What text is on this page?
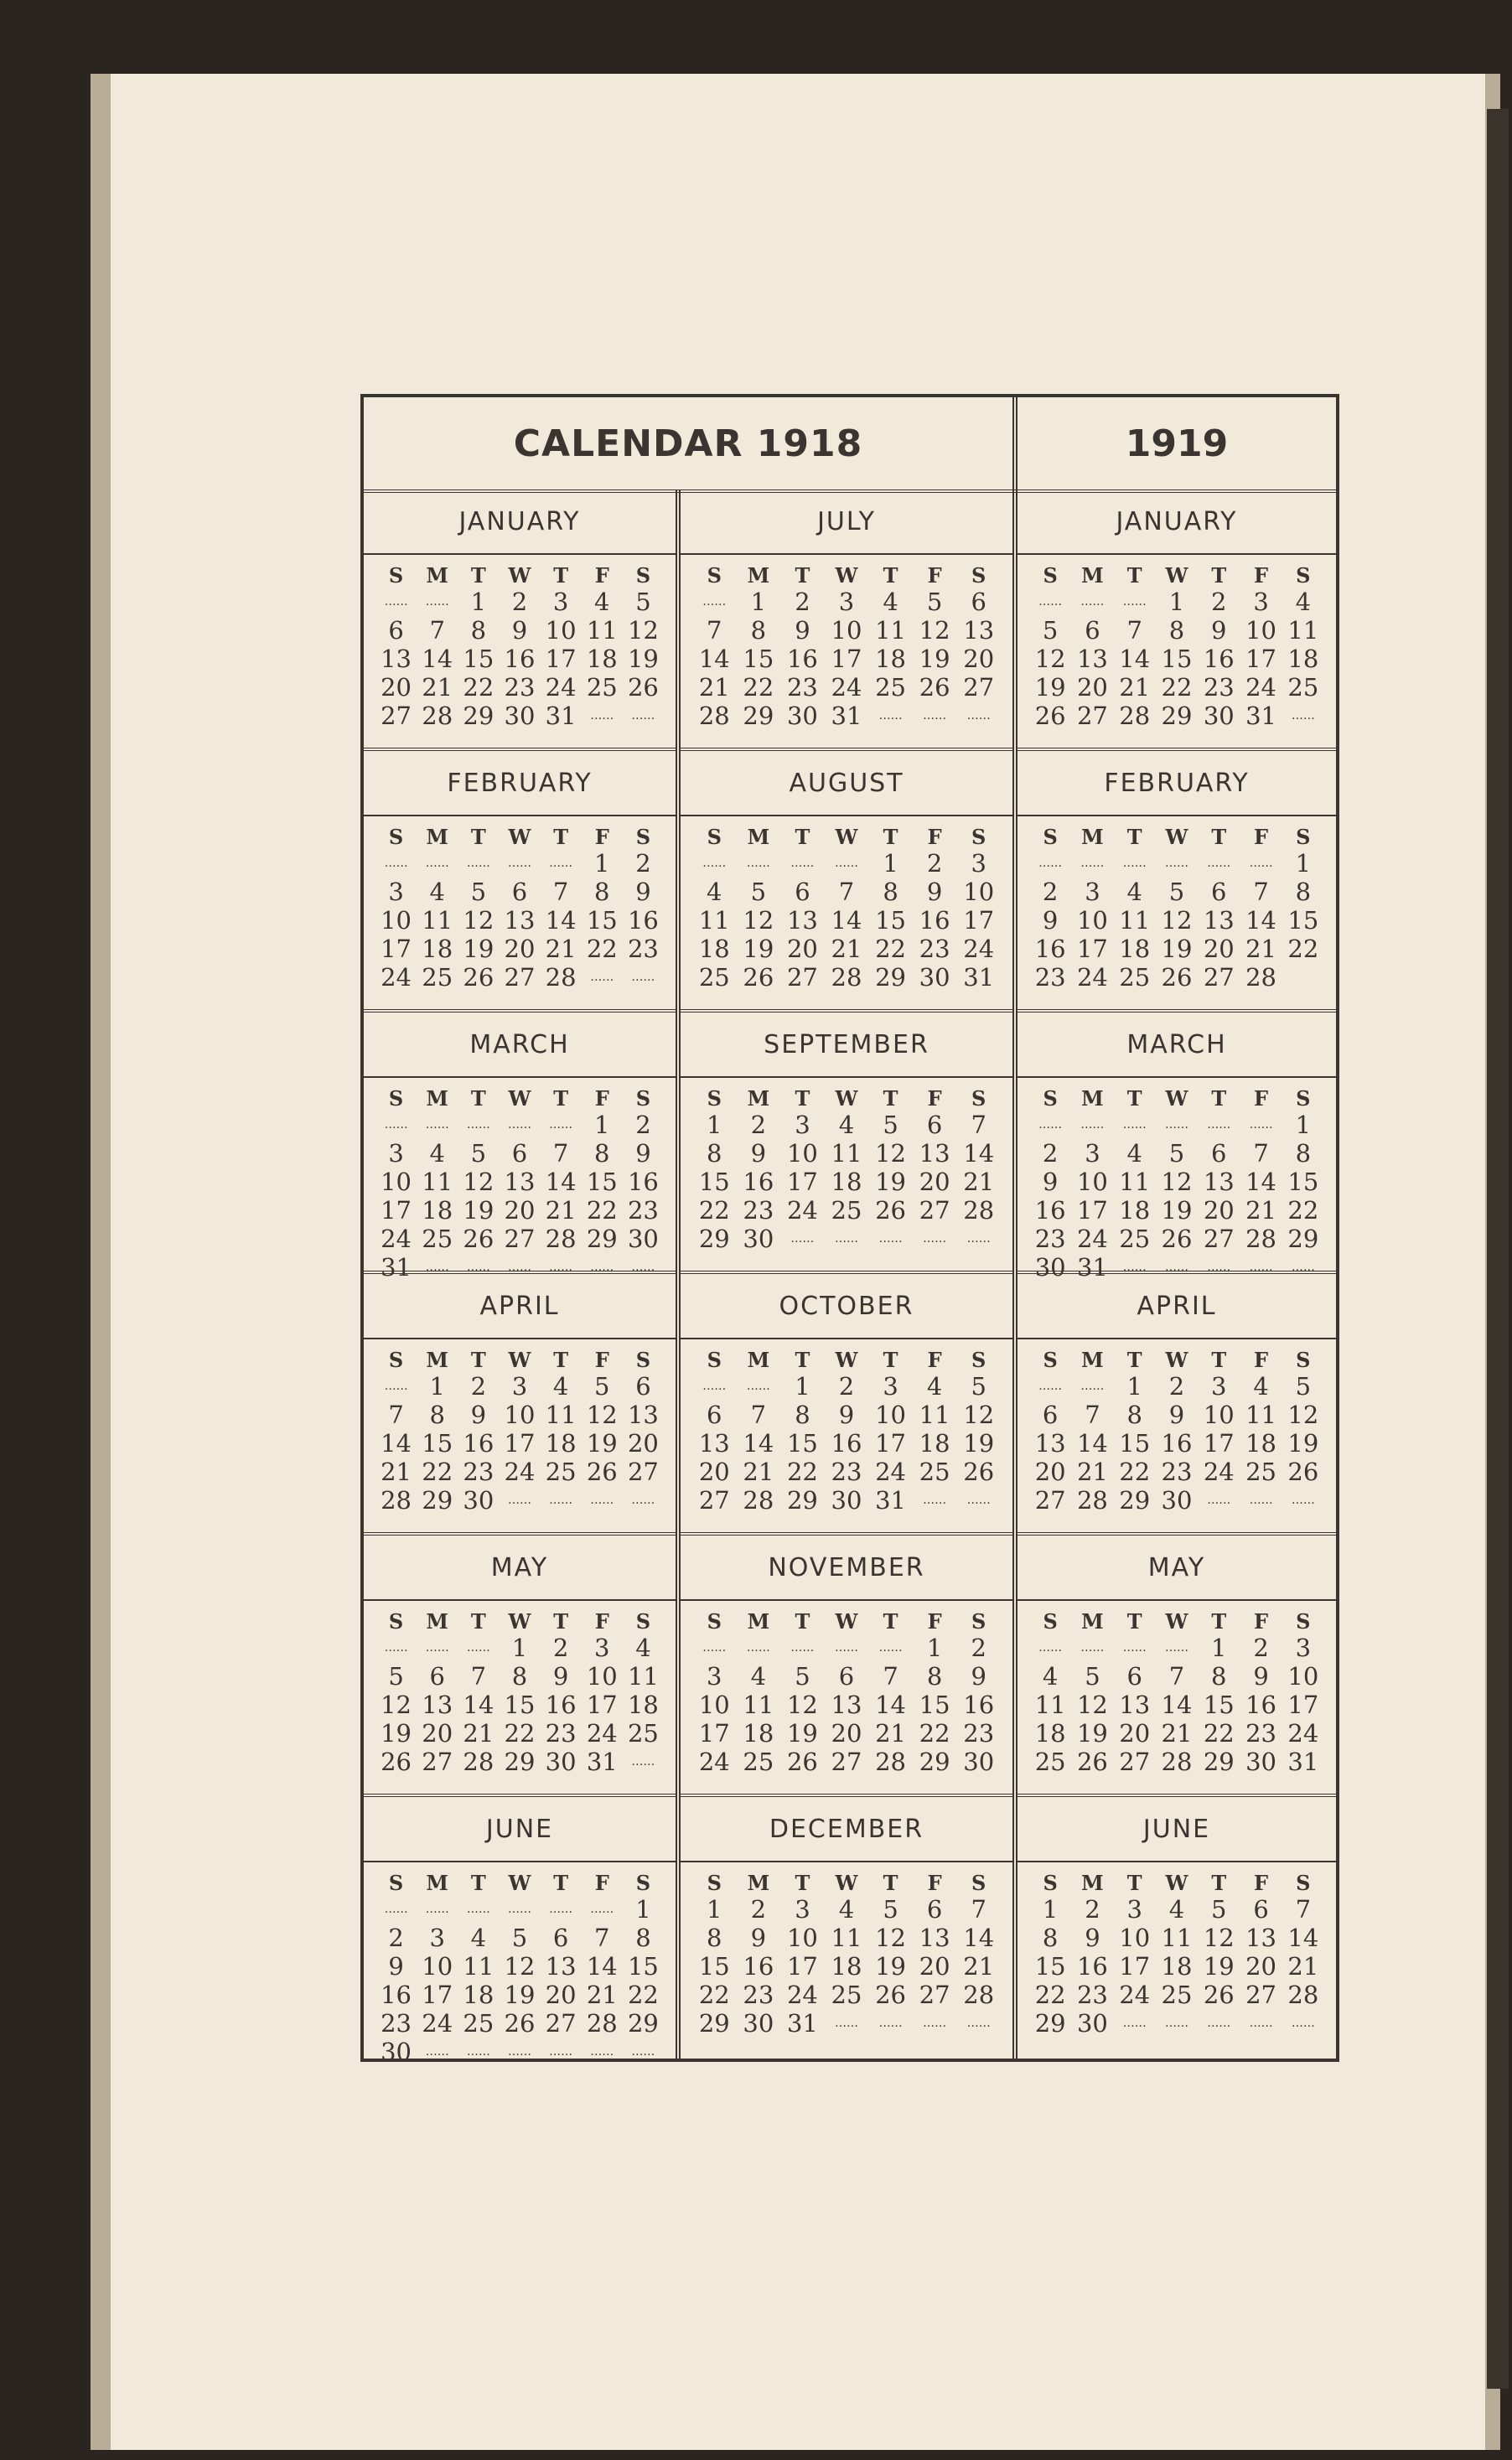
CALENDAR 1918	1919
JANUARY
S	M	T	W	T	F	S
……	…… 1	2	3	4	5
6	7	8	9 10 11 12
13 14 15 16 17 18 19
20 21 22 23 24 25 26
27 28 29 30 31	……	……
FEBRUARY
S	M	T	W	T	F	S
……	……	……	……	…… 1	2
3	4	5	6	7	8	9
10 11 12 13 14 15 16
17 18 19 20 21 22 23
24 25 26 27 28	……	……
MARCH
S	M	T	W	T	F	S
……	……	……	……	…… 1	2
3	4	5	6	7	8	9
10 11 12 13 14 15 16
17 18 19 20 21 22 23
24 25 26 27 28 29 30
31	……	……	……	……	……	……
APRIL
S	M	T	W	T	F	S
…… 1	2	3	4	5	6
7	8	9 10 11 12 13
14 15 16 17 18 19 20
21 22 23 24 25 26 27
28 29 30	……	……	……	……
MAY
S	M	T	W	T	F	S
……	……	…… 1	2	3	4
5	6	7	8	9 10 11
12 13 14 15 16 17 18
19 20 21 22 23 24 25
26 27 28 29 30 31	……
JUNE
S	M	T	W	T	F	S
……	……	……	……	……	…… 1
2	3	4	5	6	7	8
9 10 11 12 13 14 15
16 17 18 19 20 21 22
23 24 25 26 27 28 29
30	……	……	……	……	……	……
JULY
S	M	T	W	T	F	S
……	1	2	3	4	5	6
7	8	9 10 11 12 13
14 15 16 17 18 19 20
21 22 23 24 25 26 27
28 29 30 31	……	……	……
AUGUST
S	M	T	W	T	F	S
……	……	……	……	1	2	3
4	5	6	7	8	9 10
11 12 13 14 15 16 17
18 19 20 21 22 23 24
25 26 27 28 29 30 31
SEPTEMBER
S	M	T	W	T	F	S
1	2	3	4	5	6	7
8	9 10 11 12 13 14
15 16 17 18 19 20 21
22 23 24 25 26 27 28
29 30	……	……	……	……	……
OCTOBER
S	M	T	W	T	F	S
……	……	1	2	3	4	5
6	7	8	9 10 11 12
13 14 15 16 17 18 19
20 21 22 23 24 25 26
27 28 29 30 31	……	……
NOVEMBER
S	M	T	W	T	F	S
……	……	……	……	……	1	2
3	4	5	6	7	8	9
10 11 12 13 14 15 16
17 18 19 20 21 22 23
24 25 26 27 28 29 30
DECEMBER
S	M	T	W	T	F	S
1	2	3	4	5	6	7
8	9 10 11 12 13 14
15 16 17 18 19 20 21
22 23 24 25 26 27 28
29 30 31	……	……	……	……
JANUARY
S	M	T	W	T	F	S
……	……	…… 1	2	3	4
5	6	7	8	9 10 11
12 13 14 15 16 17 18
19 20 21 22 23 24 25
26 27 28 29 30 31	……
FEBRUARY
S	M	T	W	T	F	S
……	……	……	……	……	…… 1
2	3	4	5	6	7	8
9 10 11 12 13 14 15
16 17 18 19 20 21 22
23 24 25 26 27 28
MARCH
S	M	T	W	T	F	S
……	……	……	……	……	…… 1
2	3	4	5	6	7	8
9 10 11 12 13 14 15
16 17 18 19 20 21 22
23 24 25 26 27 28 29
30 31	……	……	……	……	……
APRIL
S	M	T	W	T	F	S
……	…… 1	2	3	4	5
6	7	8	9 10 11 12
13 14 15 16 17 18 19
20 21 22 23 24 25 26
27 28 29 30	……	……	……
MAY
S	M	T	W	T	F	S
……	……	……	…… 1	2	3
4	5	6	7	8	9 10
11 12 13 14 15 16 17
18 19 20 21 22 23 24
25 26 27 28 29 30 31
JUNE
S	M	T	W	T	F	S
1	2	3	4	5	6	7
8	9 10 11 12 13 14
15 16 17 18 19 20 21
22 23 24 25 26 27 28
29 30	……	……	……	……	……
